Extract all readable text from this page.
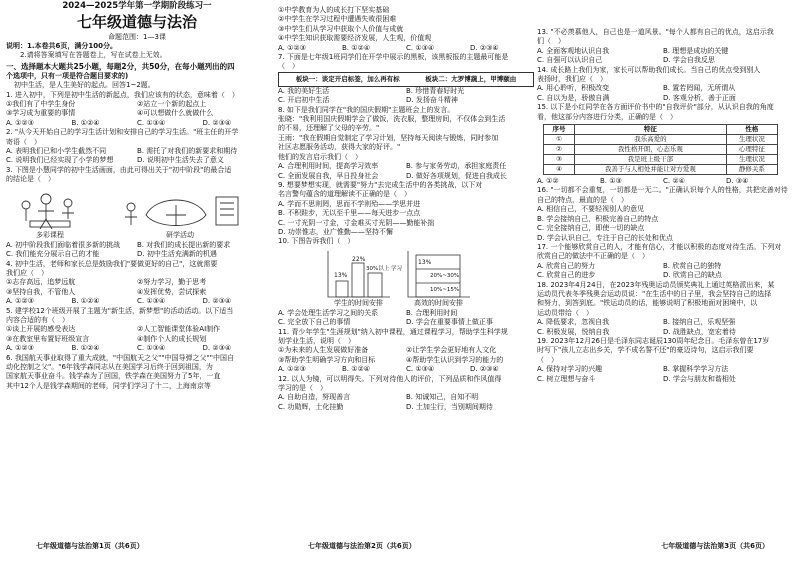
2024—2025学年第一学期阶段练习一
七年级道德与法治
命题范围：1—3课
说明：1.本卷共6页，满分100分。
2.请将答案填写在答题卷上，写在试卷上无效。
一、选择题本大题共25小题，每题2分，共50分，在每小题列出的四
个选项中，只有一项是符合题目要求的)
初中生活，是人生美好的起点。回答1~2题。
1. 进入初中，下列是初中生活的新起点，我们应该有的状态，意味着（　）
①我们有了中学生身份	②站立一个新的起点上
③学习成为重要的事情	④可以想做什么就做什么
A. ①②③	B. ①②④	C. ①③④	D. ②③④
2. "从今天开始自己的学习生活计划和安排自己的学习生活。"班主任的开学
寄语（　）
A. 表明我们已和小学生截然不同	B. 需托了对我们的新要求和期待
C. 说明我们已经实现了小学的梦想	D. 说明初中生活失去了意义
3. 下图是小慧同学的初中生活画面，由此可得出关于"初中阶段"的最合适
的结论是（　）
多彩课程	研学活动
A. 初中阶段我们面临着很多新的挑战	B. 对我们的成长提出新的要求
C. 我们能充分展示自己的才能	D. 初中生活充满新的机遇
4. 初中生活，老师和家长总是鼓励我们"要做更好的自己"，这就需要
我们应（　）
①志存高远，追梦远航	②努力学习，勤于思考
③坚持自我，不管他人	④发挥优势，尝试探索
A. ①②③	B. ①②④	C. ①③④	D. ②③④
5. 建学校12个班级开展了主题为"新生活，新梦想"的活动活动。以下适当
内容合适的有（　）
①谈上开展的感受表达	②人工智能课堂体验AI制作
③在教室里布置好班级宣言	④制作个人的成长规划
A. ①②③	B. ①②④	C. ①③④	D. ②③④
6. 我国航天事业取得了重大成就，"中国航天之父""中国导弹之父""中国自
动化控制之父"。"6年钱学森同志从在美国学习后终于回到祖国，为
国家航天事业奋斗。钱学森为了回国，铁学森在美国努力了5年，一直
其中12个人是钱学森期间的老师，同学们学习了十二，上海南京等
七年级道德与法治第1页（共6页）
①中学教育为人的成长打下坚实基础
②中学生在学习过程中遭遇失败很困难
③中学生们从学习中获取个人价值与成就
④中学生知识获取需要经济发展，人生观，价值观
A. ①②③	B. ①②④	C. ①③④	D. ②③④
7. 下面是七年级1班同学们在开学中展示的黑板，该黑板报的主题最可能是
（　）
板块一：谈定开启标签，加么再有标	板块二：尢罗博蔬上，甲博颐由
A. 我的美好生活	B. 珍惜青春好时光
C. 开启初中生活	D. 发扬奋斗精神
8. 如下是我们同学在"我的国庆假期"主题班会上的发言。
张晓："我利用国庆假期学会了做饭，洗衣服，整理房间，不仅体会到生活
的不易，还理解了父母的辛劳。"
王雨："我在假期自觉制定了学习计划，坚持每天阅读与锻炼，同时参加
社区志愿服务活动，获得大家的好评。"
他们的发言启示我们（　）
A. 合理利用时间，提高学习效率	B. 参与家务劳动，承担家庭责任
C. 全面发展自我，早日投身社会	D. 做好各项规划，促进自我成长
9. 想要梦想实现，就需要"努力"去完成生活中的各类挑战，以下对
名言警句蕴含的道理解读不正确的是（　）
A. 学而不思则罔，思而不学则殆——学思并进
B. 不积跬步，无以至千里——每天进步一点点
C. 一寸光阴一寸金，寸金难买寸光阴——勤能补拙
D. 功崇惟志，业广惟勤——坚持不懈
10. 下图告诉我们（　）
13%
22%
30%以上 学习
13%
20%~30%
10%~15%
学生的时间安排	高效的时间安排
A. 学会处理生活学习之间的关系	B. 合理利用时间
C. 完全放下自己的事情	D. 学会在重要事情上做正事
11. 青少年学生"生涯规划"纳入初中课程，通过课程学习，帮助学生科学规
划学业生活，说明（　）
①为未来的人生发展做好准备	②让学生学会更好地有人文化
③帮助学生明确学习方向和目标	④帮助学生认识到学习的能力的
A. ①②③	B. ①②④	C. ①③④	D. ②③④
12. 以人为镜，可以明得失。下列对待他人的评价，下列品质和作风值得
学习的是（　）
A. 自助自造，努现善言	B. 知诚知己，自知不明
C. 功勋辉，土化挂勤	D. 土加尘行，当别期间期待
七年级道德与法治第2页（共6页）
13. "不必羡慕他人，自己也是一道风景。"每个人都有自己的优点，这启示我
们（　）
A. 全面客观地认识自我	B. 理想是成功的关键
C. 自强可以认识自己	D. 学会自我反思
14. 成长路上我们为家，家长可以帮助我们成长。当自己的优点受到别人
表扬时，我们应（　）
A. 用心聆听，积极改变	B. 置若罔闻，无所谓从
C. 自以为是，骄傲自满	D. 客观分析，善于正面
15. 以下是小红同学在各方面评价书中的"自我评价"部分，从认识自我的角度
看，他这部分内容进行分类，正确的是（　）
序号	特征	性格
①	我乐高爱的	生理状况
②	我性格开朗，心态乐观	心理特征
③	我是班上级干部	生理状况
④	我善于与人相处并能让对方爱观	静修关系
A. ①②	B. ①③	C. ②④	D. ③④
16. "一切都不会重复，一切都是一无二。"正确认识每个人的性格，共把完善对待
自己的特点，最直的是（　）
A. 相信自己，不要轻视别人的意见
B. 学会接纳自己，积极完善自己的特点
C. 完全接纳自己，即使一切的缺点
D. 学会认识自己，专注于自己的长处和优点
17. 一个能够欣赏自己的人，才能有信心，才能以积极的态度对待生活。下列对
欣赏自己的做法中不正确的是（　）
A. 欣赏自己的努力	B. 欣赏自己的独特
C. 欣赏自己的进步	D. 欣赏自己的缺点
18. 2023年4月24日，在2023年残奥运动员颁奖典礼上通过英格派出来，某
运动员代表冬季残奥会运动员说："在生活中的日子里，我会坚持自己的选择
和努力，到答到底。"铁运动员的话，能够说明了积极地面对困境中，以
运动员带给（　）
A. 降低要求，忽视自我	B. 接纳自己，乐观坚强
C. 积极发展，悦纳自我	D. 战胜缺点，宽宏着待
19. 2023年12月26日是毛泽东同志诞辰130周年纪念日。毛泽东曾在17岁
时写下"孩儿立志出乡关，学不成名誓不还"的豪迈诗句，这启示我们要
（　）
A. 保持对学习的兴趣	B. 掌握科学学习方法
C. 树立理想与奋斗	D. 学会与朋友和谐相处
七年级道德与法治第3页（共6页）
